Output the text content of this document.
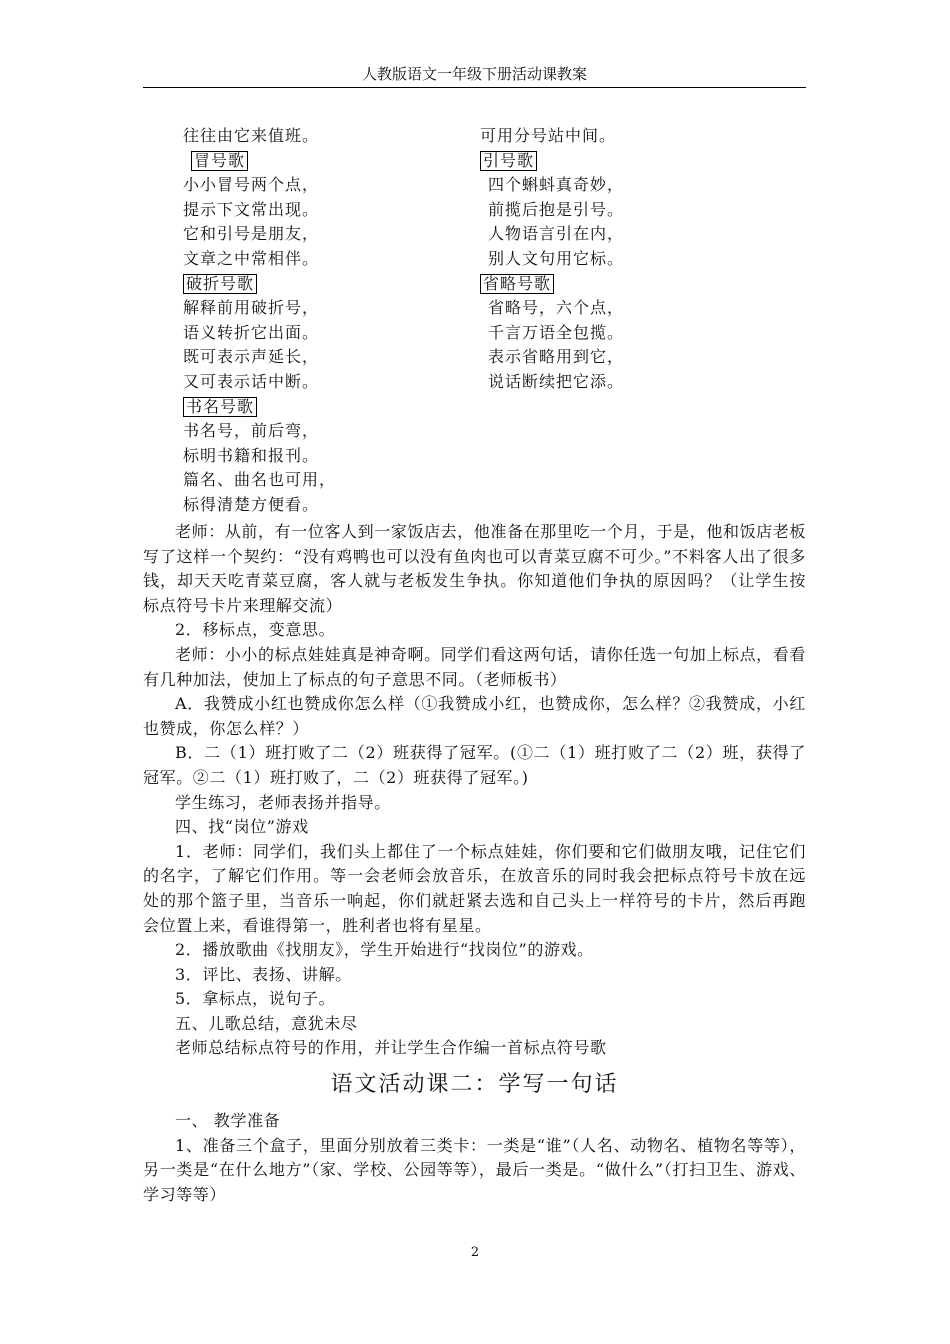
人教版语文一年级下册活动课教案
往往由它来值班。
冒号歌
小小冒号两个点，
提示下文常出现。
它和引号是朋友，
文章之中常相伴。
破折号歌
解释前用破折号，
语义转折它出面。
既可表示声延长，
又可表示话中断。
书名号歌
书名号，前后弯，
标明书籍和报刊。
篇名、曲名也可用，
标得清楚方便看。
可用分号站中间。
引号歌
四个蝌蚪真奇妙，
前揽后抱是引号。
人物语言引在内，
别人文句用它标。
省略号歌
省略号，六个点，
千言万语全包揽。
表示省略用到它，
说话断续把它添。
老师：从前，有一位客人到一家饭店去，他准备在那里吃一个月，于是，他和饭店老板写了这样一个契约：“没有鸡鸭也可以没有鱼肉也可以青菜豆腐不可少。”不料客人出了很多钱，却天天吃青菜豆腐，客人就与老板发生争执。你知道他们争执的原因吗？（让学生按标点符号卡片来理解交流）
2．移标点，变意思。
老师：小小的标点娃娃真是神奇啊。同学们看这两句话，请你任选一句加上标点，看看有几种加法，使加上了标点的句子意思不同。（老师板书）
A．我赞成小红也赞成你怎么样（①我赞成小红，也赞成你，怎么样？②我赞成，小红也赞成，你怎么样？）
B．二（1）班打败了二（2）班获得了冠军。(①二（1）班打败了二（2）班，获得了冠军。②二（1）班打败了，二（2）班获得了冠军。)
学生练习，老师表扬并指导。
四、找“岗位”游戏
1．老师：同学们，我们头上都住了一个标点娃娃，你们要和它们做朋友哦，记住它们的名字，了解它们作用。等一会老师会放音乐，在放音乐的同时我会把标点符号卡放在远处的那个篮子里，当音乐一响起，你们就赶紧去选和自己头上一样符号的卡片，然后再跑会位置上来，看谁得第一，胜利者也将有星星。
2．播放歌曲《找朋友》，学生开始进行“找岗位”的游戏。
3．评比、表扬、讲解。
5．拿标点，说句子。
五、儿歌总结，意犹未尽
老师总结标点符号的作用，并让学生合作编一首标点符号歌
语文活动课二：学写一句话
一、 教学准备
1、准备三个盒子，里面分别放着三类卡：一类是“谁”（人名、动物名、植物名等等），另一类是“在什么地方”（家、学校、公园等等），最后一类是。“做什么”（打扫卫生、游戏、学习等等）
2
